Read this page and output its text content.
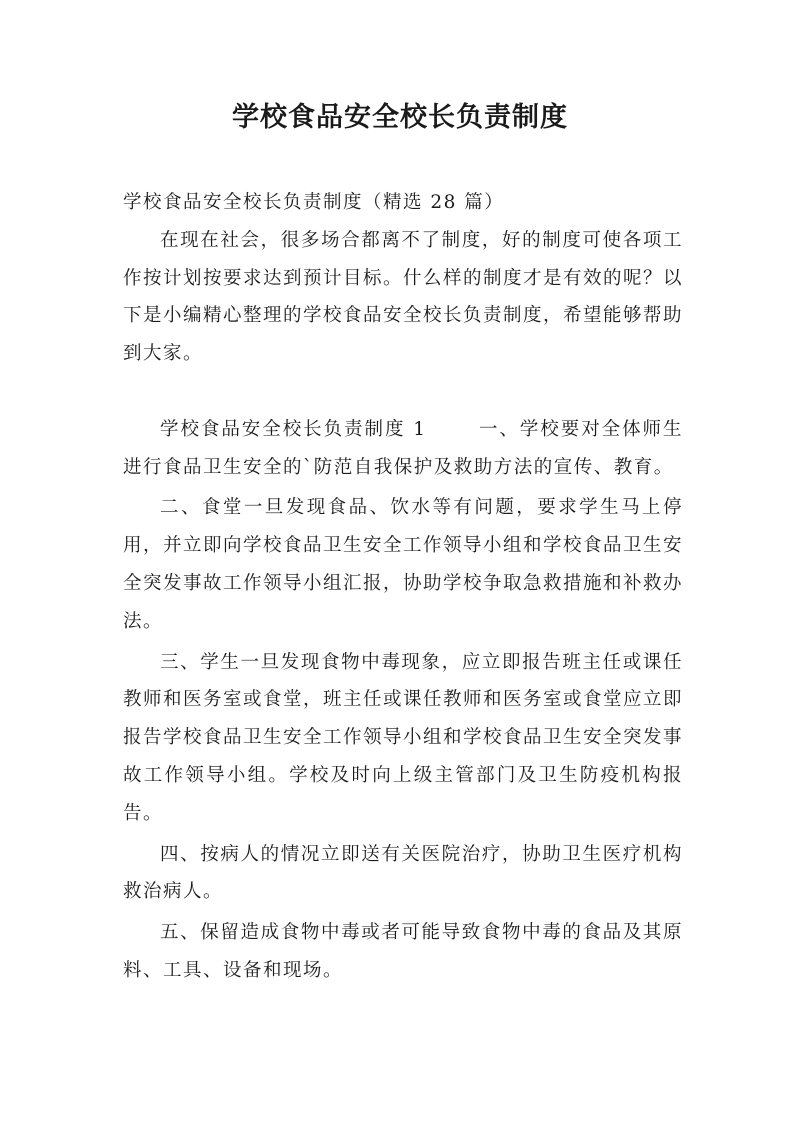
学校食品安全校长负责制度

学校食品安全校长负责制度（精选 28 篇）

在现在社会，很多场合都离不了制度，好的制度可使各项工作按计划按要求达到预计目标。什么样的制度才是有效的呢？以下是小编精心整理的学校食品安全校长负责制度，希望能够帮助到大家。

学校食品安全校长负责制度 1	一、学校要对全体师生进行食品卫生安全的`防范自我保护及救助方法的宣传、教育。

二、食堂一旦发现食品、饮水等有问题，要求学生马上停用，并立即向学校食品卫生安全工作领导小组和学校食品卫生安全突发事故工作领导小组汇报，协助学校争取急救措施和补救办法。

三、学生一旦发现食物中毒现象，应立即报告班主任或课任教师和医务室或食堂，班主任或课任教师和医务室或食堂应立即报告学校食品卫生安全工作领导小组和学校食品卫生安全突发事故工作领导小组。学校及时向上级主管部门及卫生防疫机构报告。

四、按病人的情况立即送有关医院治疗，协助卫生医疗机构救治病人。

五、保留造成食物中毒或者可能导致食物中毒的食品及其原料、工具、设备和现场。
